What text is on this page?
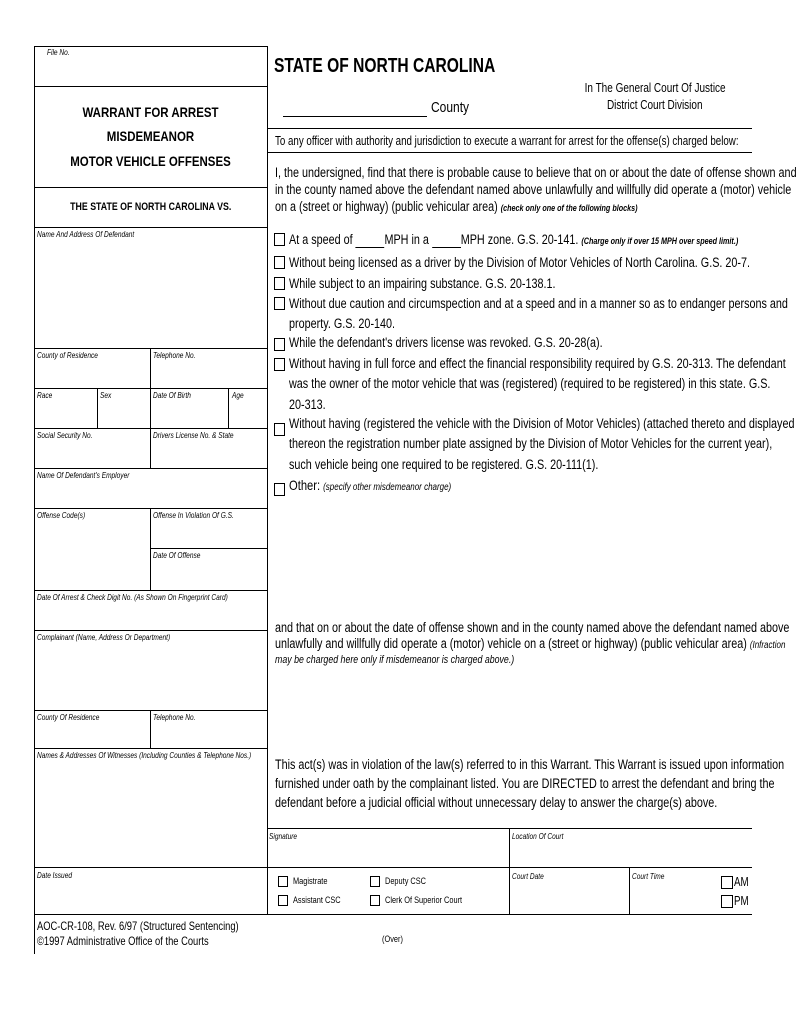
File No.
WARRANT FOR ARREST
MISDEMEANOR
MOTOR VEHICLE OFFENSES
THE STATE OF NORTH CAROLINA VS.
Name And Address Of Defendant
County of Residence	Telephone No.
Race	Sex	Date Of Birth	Age
Social Security No.	Drivers License No. & State
Name Of Defendant's Employer
Offense Code(s)	Offense In Violation Of G.S.
Date Of Offense
Date Of Arrest & Check Digit No. (As Shown On Fingerprint Card)
Complainant (Name, Address Or Department)
County Of Residence	Telephone No.
Names & Addresses Of Witnesses (Including Counties & Telephone Nos.)
Date Issued
STATE OF NORTH CAROLINA
In The General Court Of Justice
District Court Division
County
To any officer with authority and jurisdiction to execute a warrant for arrest for the offense(s) charged below:
I, the undersigned, find that there is probable cause to believe that on or about the date of offense shown and
in the county named above the defendant named above unlawfully and willfully did operate a (motor) vehicle
on a (street or highway) (public vehicular area) (check only one of the following blocks)
At a speed of MPH in a MPH zone. G.S. 20-141. (Charge only if over 15 MPH over speed limit.)
Without being licensed as a driver by the Division of Motor Vehicles of North Carolina. G.S. 20-7.
While subject to an impairing substance. G.S. 20-138.1.
Without due caution and circumspection and at a speed and in a manner so as to endanger persons and
property. G.S. 20-140.
While the defendant's drivers license was revoked. G.S. 20-28(a).
Without having in full force and effect the financial responsibility required by G.S. 20-313. The defendant
was the owner of the motor vehicle that was (registered) (required to be registered) in this state. G.S.
20-313.
Without having (registered the vehicle with the Division of Motor Vehicles) (attached thereto and displayed
thereon the registration number plate assigned by the Division of Motor Vehicles for the current year),
such vehicle being one required to be registered. G.S. 20-111(1).
Other: (specify other misdemeanor charge)
and that on or about the date of offense shown and in the county named above the defendant named above
unlawfully and willfully did operate a (motor) vehicle on a (street or highway) (public vehicular area) (Infraction
may be charged here only if misdemeanor is charged above.)
This act(s) was in violation of the law(s) referred to in this Warrant. This Warrant is issued upon information
furnished under oath by the complainant listed. You are DIRECTED to arrest the defendant and bring the
defendant before a judicial official without unnecessary delay to answer the charge(s) above.
Signature	Location Of Court
Magistrate	Deputy CSC
Assistant CSC	Clerk Of Superior Court
Court Date	Court Time	AM
PM
AOC-CR-108, Rev. 6/97 (Structured Sentencing)
©1997 Administrative Office of the Courts	(Over)
